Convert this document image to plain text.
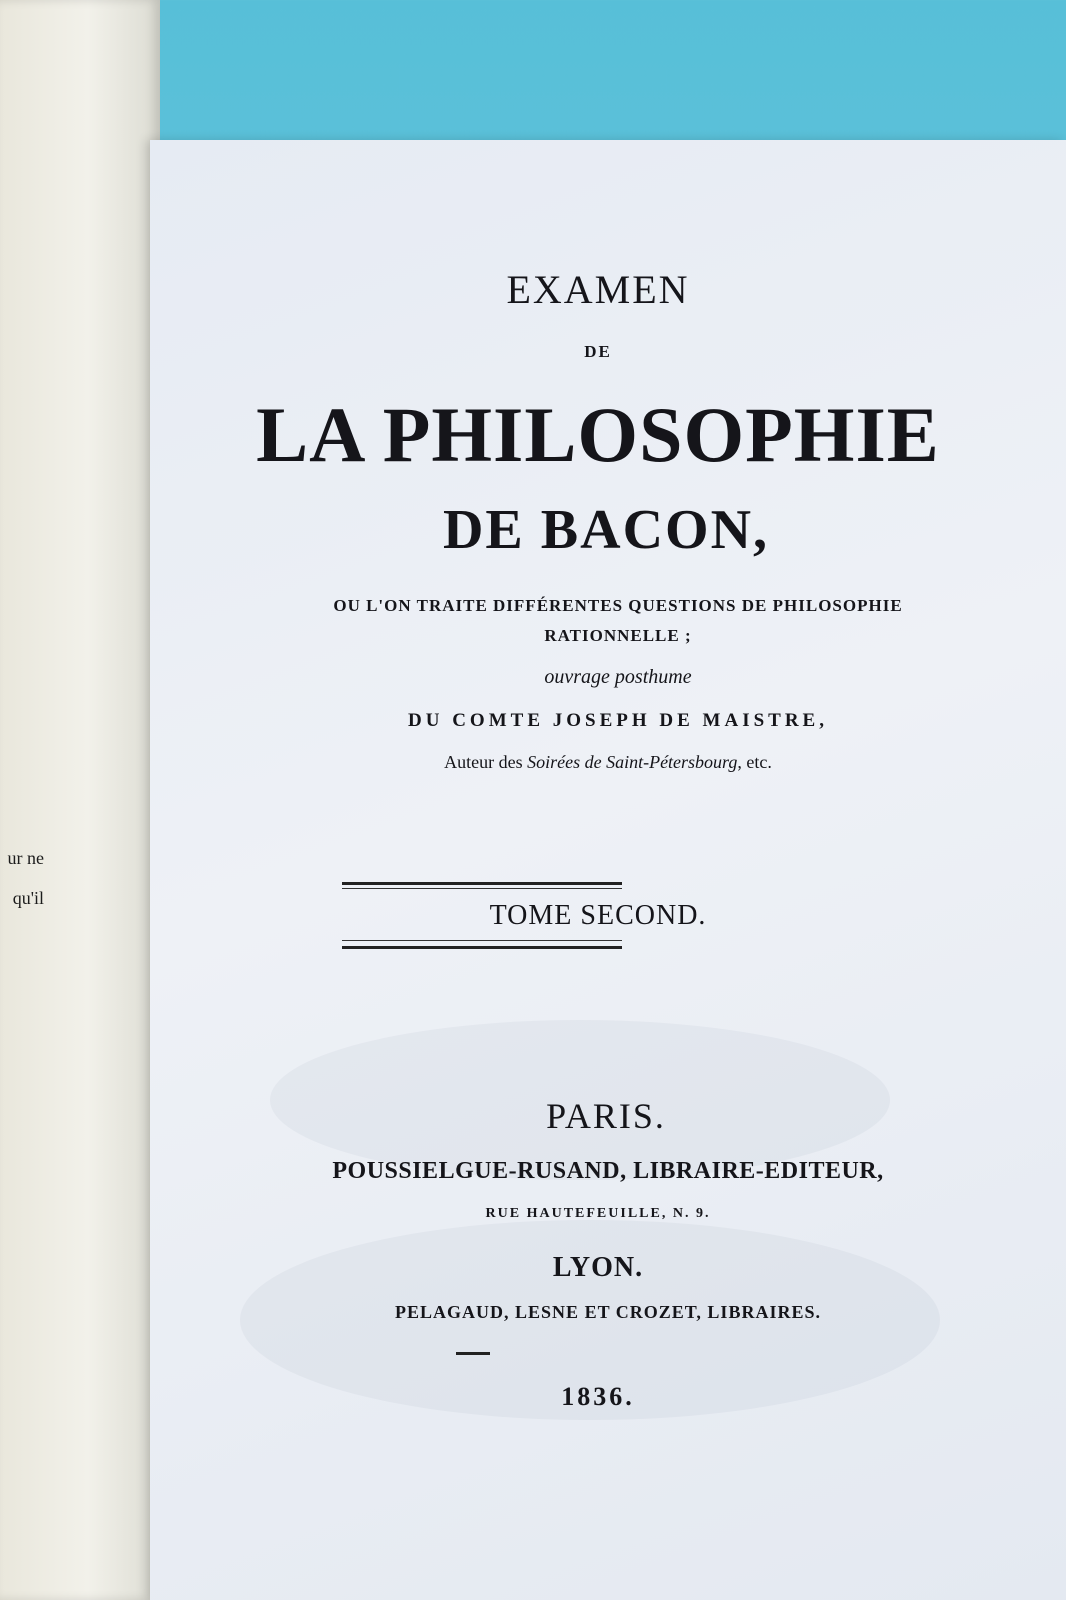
ur ne
qu'il
EXAMEN
DE
LA PHILOSOPHIE
DE BACON,
OU L'ON TRAITE DIFFÉRENTES QUESTIONS DE PHILOSOPHIE
RATIONNELLE ;
ouvrage posthume
DU COMTE JOSEPH DE MAISTRE,
Auteur des Soirées de Saint-Pétersbourg, etc.
TOME SECOND.
PARIS.
POUSSIELGUE-RUSAND, LIBRAIRE-EDITEUR,
RUE HAUTEFEUILLE, N. 9.
LYON.
PELAGAUD, LESNE ET CROZET, LIBRAIRES.
1836.
